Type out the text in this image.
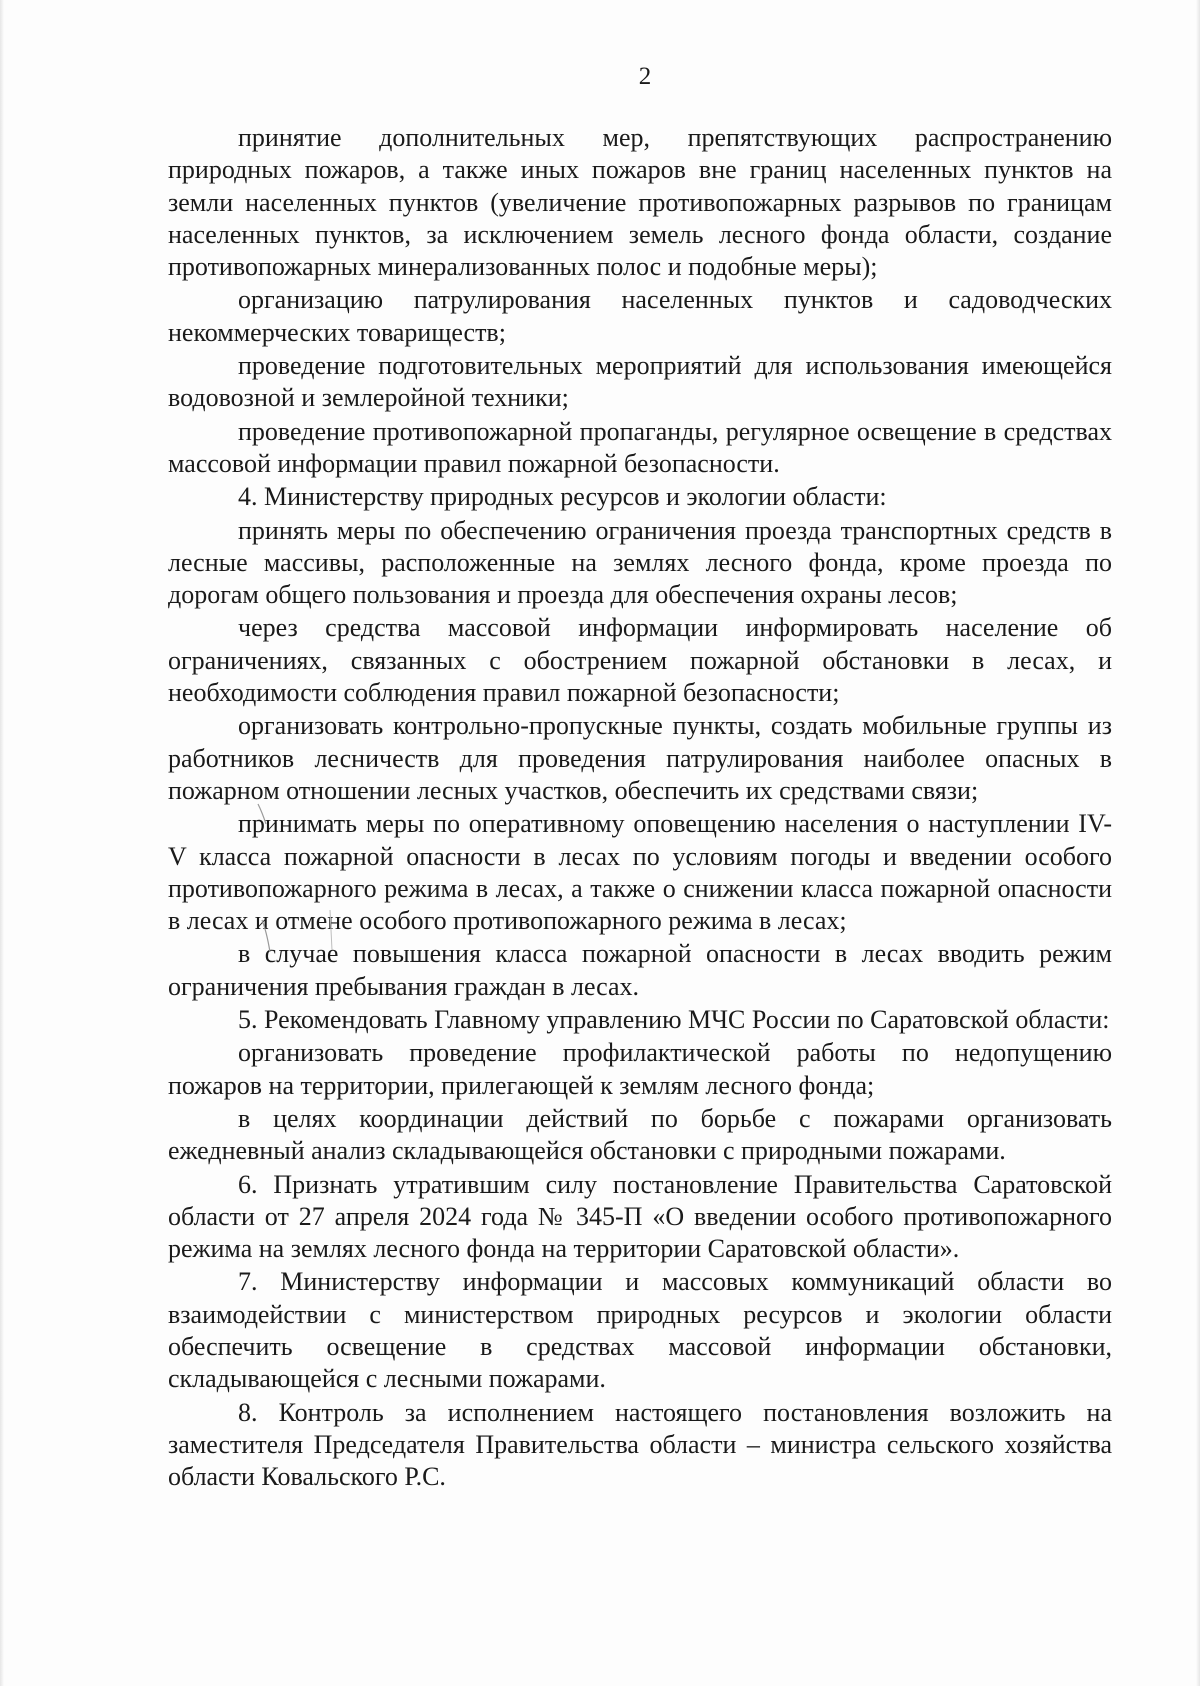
2

принятие дополнительных мер, препятствующих распространению природных пожаров, а также иных пожаров вне границ населенных пунктов на земли населенных пунктов (увеличение противопожарных разрывов по границам населенных пунктов, за исключением земель лесного фонда области, создание противопожарных минерализованных полос и подобные меры);

организацию патрулирования населенных пунктов и садоводческих некоммерческих товариществ;

проведение подготовительных мероприятий для использования имеющейся водовозной и землеройной техники;

проведение противопожарной пропаганды, регулярное освещение в средствах массовой информации правил пожарной безопасности.

4. Министерству природных ресурсов и экологии области:

принять меры по обеспечению ограничения проезда транспортных средств в лесные массивы, расположенные на землях лесного фонда, кроме проезда по дорогам общего пользования и проезда для обеспечения охраны лесов;

через средства массовой информации информировать население об ограничениях, связанных с обострением пожарной обстановки в лесах, и необходимости соблюдения правил пожарной безопасности;

организовать контрольно-пропускные пункты, создать мобильные группы из работников лесничеств для проведения патрулирования наиболее опасных в пожарном отношении лесных участков, обеспечить их средствами связи;

принимать меры по оперативному оповещению населения о наступлении IV-V класса пожарной опасности в лесах по условиям погоды и введении особого противопожарного режима в лесах, а также о снижении класса пожарной опасности в лесах и отмене особого противопожарного режима в лесах;

в случае повышения класса пожарной опасности в лесах вводить режим ограничения пребывания граждан в лесах.

5. Рекомендовать Главному управлению МЧС России по Саратовской области:

организовать проведение профилактической работы по недопущению пожаров на территории, прилегающей к землям лесного фонда;

в целях координации действий по борьбе с пожарами организовать ежедневный анализ складывающейся обстановки с природными пожарами.

6. Признать утратившим силу постановление Правительства Саратовской области от 27 апреля 2024 года № 345-П «О введении особого противопожарного режима на землях лесного фонда на территории Саратовской области».

7. Министерству информации и массовых коммуникаций области во взаимодействии с министерством природных ресурсов и экологии области обеспечить освещение в средствах массовой информации обстановки, складывающейся с лесными пожарами.

8. Контроль за исполнением настоящего постановления возложить на заместителя Председателя Правительства области – министра сельского хозяйства области Ковальского Р.С.
